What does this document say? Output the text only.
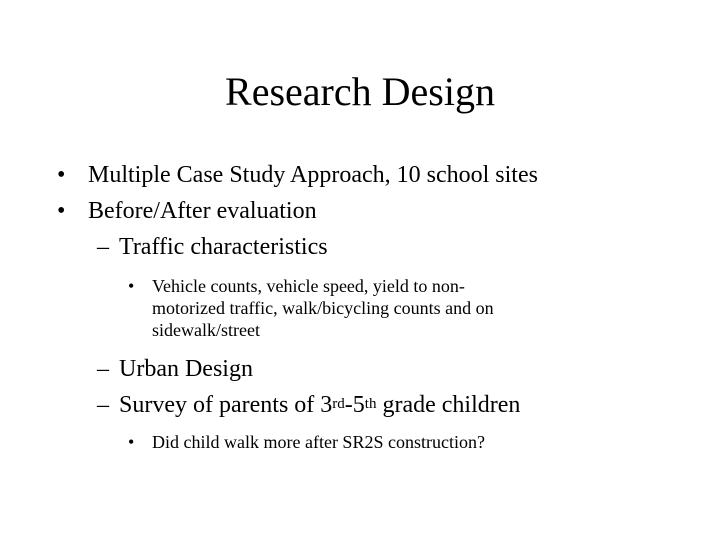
Research Design
• Multiple Case Study Approach, 10 school sites
• Before/After evaluation
– Traffic characteristics
• Vehicle counts, vehicle speed, yield to non-
motorized traffic, walk/bicycling counts and on
sidewalk/street
– Urban Design
– Survey of parents of 3rd-5th grade children
• Did child walk more after SR2S construction?
